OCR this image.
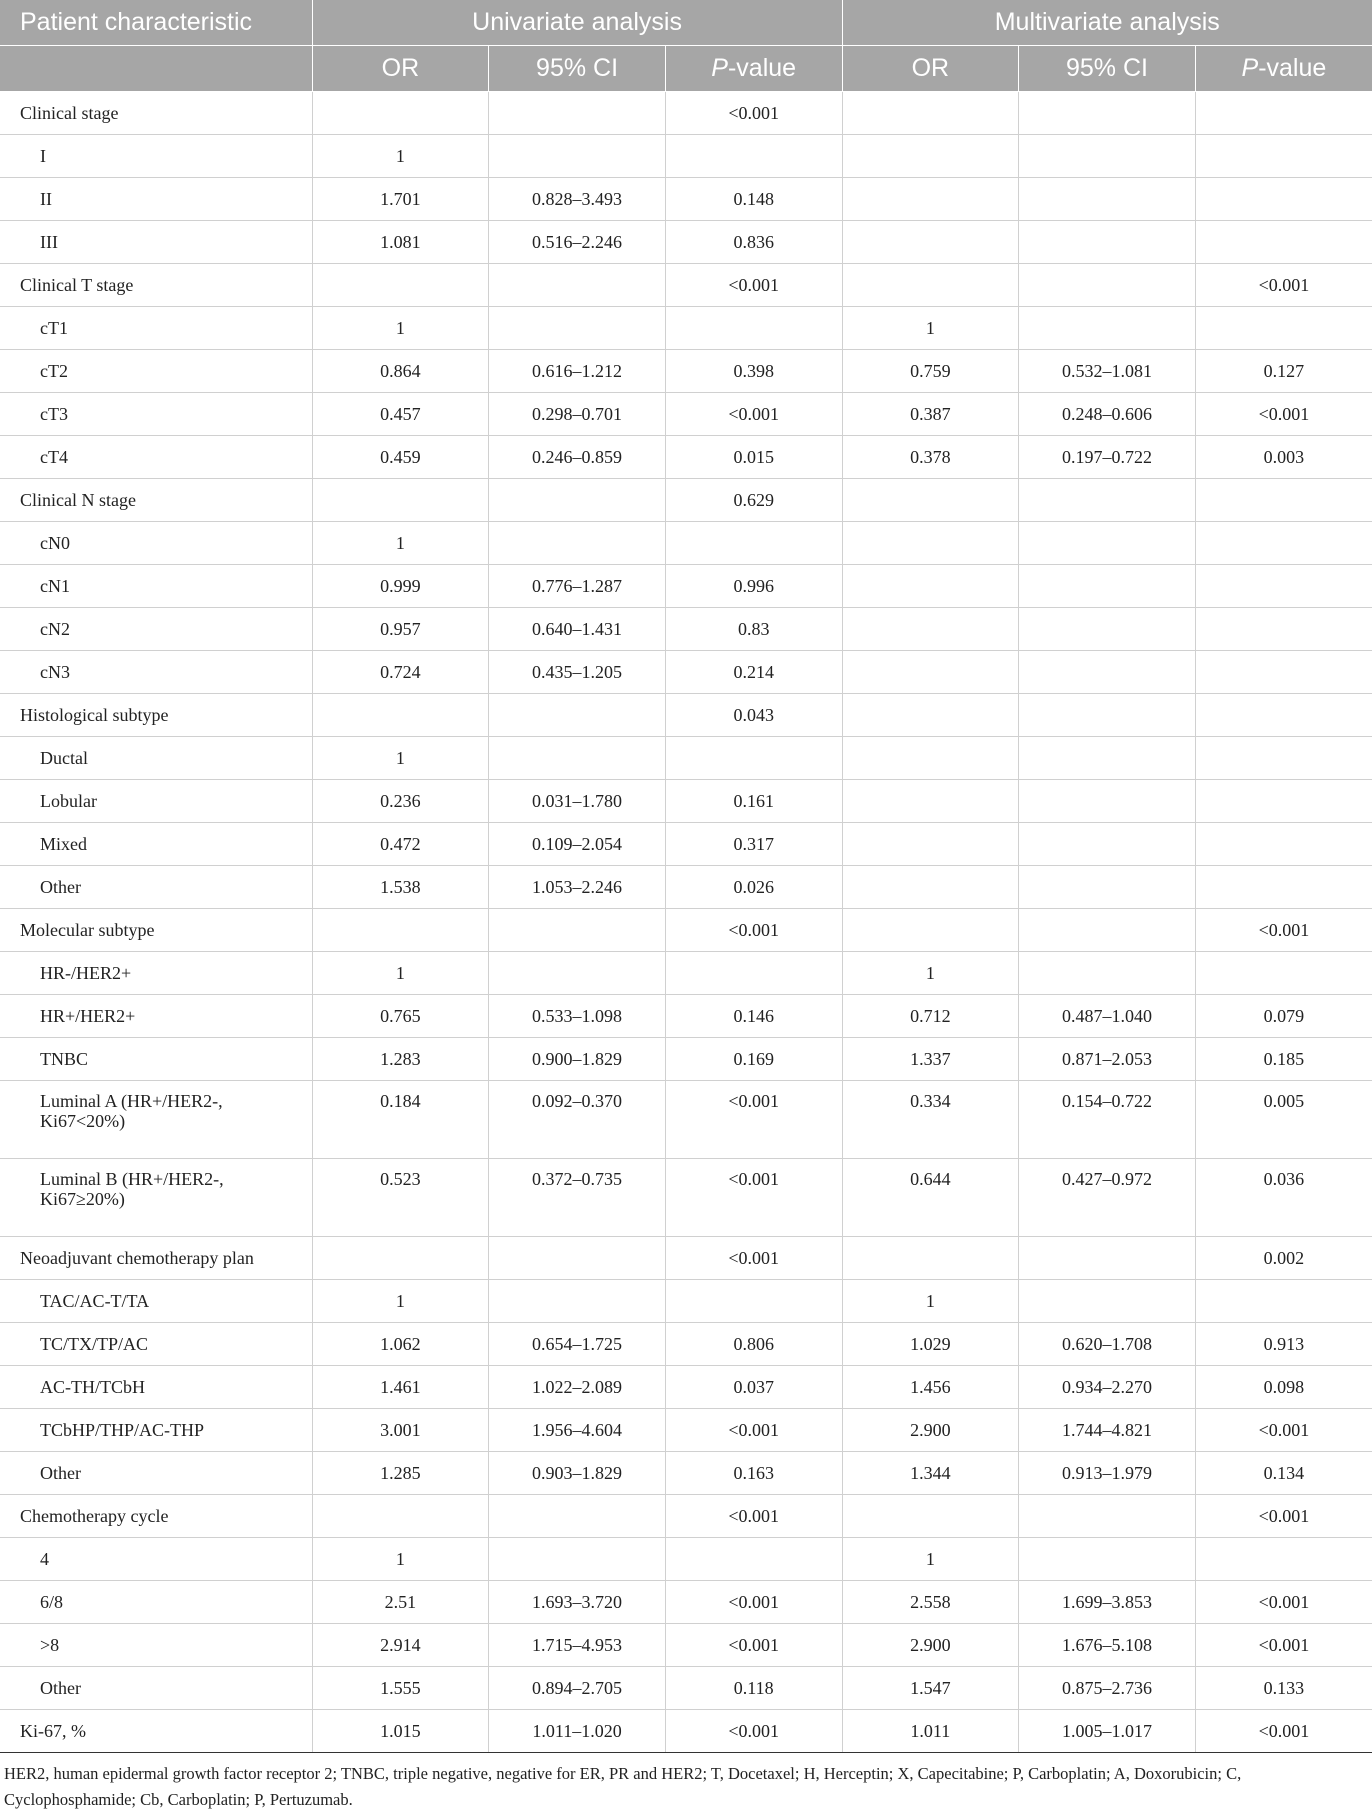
Patient characteristic	Univariate analysis			Multivariate analysis		
	OR	95% CI	P-value	OR	95% CI	P-value
Clinical stage			<0.001			
I	1					
II	1.701	0.828–3.493	0.148			
III	1.081	0.516–2.246	0.836			
Clinical T stage			<0.001			<0.001
cT1	1			1		
cT2	0.864	0.616–1.212	0.398	0.759	0.532–1.081	0.127
cT3	0.457	0.298–0.701	<0.001	0.387	0.248–0.606	<0.001
cT4	0.459	0.246–0.859	0.015	0.378	0.197–0.722	0.003
Clinical N stage			0.629			
cN0	1					
cN1	0.999	0.776–1.287	0.996			
cN2	0.957	0.640–1.431	0.83			
cN3	0.724	0.435–1.205	0.214			
Histological subtype			0.043			
Ductal	1					
Lobular	0.236	0.031–1.780	0.161			
Mixed	0.472	0.109–2.054	0.317			
Other	1.538	1.053–2.246	0.026			
Molecular subtype			<0.001			<0.001
HR-/HER2+	1			1		
HR+/HER2+	0.765	0.533–1.098	0.146	0.712	0.487–1.040	0.079
TNBC	1.283	0.900–1.829	0.169	1.337	0.871–2.053	0.185
Luminal A (HR+/HER2-,
Ki67<20%)	0.184	0.092–0.370	<0.001	0.334	0.154–0.722	0.005
Luminal B (HR+/HER2-,
Ki67≥20%)	0.523	0.372–0.735	<0.001	0.644	0.427–0.972	0.036
Neoadjuvant chemotherapy plan			<0.001			0.002
TAC/AC-T/TA	1			1		
TC/TX/TP/AC	1.062	0.654–1.725	0.806	1.029	0.620–1.708	0.913
AC-TH/TCbH	1.461	1.022–2.089	0.037	1.456	0.934–2.270	0.098
TCbHP/THP/AC-THP	3.001	1.956–4.604	<0.001	2.900	1.744–4.821	<0.001
Other	1.285	0.903–1.829	0.163	1.344	0.913–1.979	0.134
Chemotherapy cycle			<0.001			<0.001
4	1			1		
6/8	2.51	1.693–3.720	<0.001	2.558	1.699–3.853	<0.001
>8	2.914	1.715–4.953	<0.001	2.900	1.676–5.108	<0.001
Other	1.555	0.894–2.705	0.118	1.547	0.875–2.736	0.133
Ki-67, %	1.015	1.011–1.020	<0.001	1.011	1.005–1.017	<0.001

HER2, human epidermal growth factor receptor 2; TNBC, triple negative, negative for ER, PR and HER2; T, Docetaxel; H, Herceptin; X, Capecitabine; P, Carboplatin; A, Doxorubicin; C, Cyclophosphamide; Cb, Carboplatin; P, Pertuzumab.
